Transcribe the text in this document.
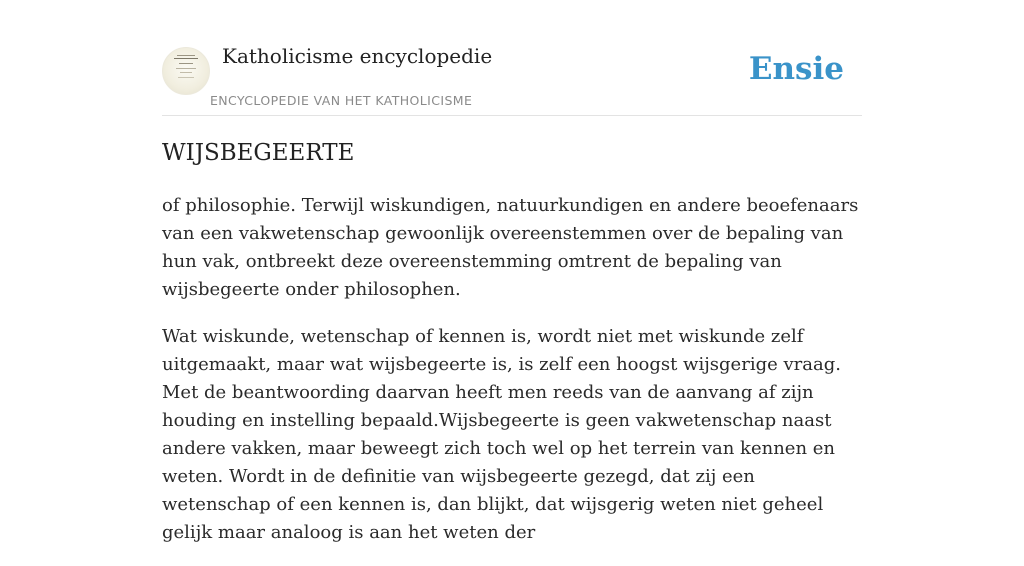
Katholicisme encyclopedie
ENCYCLOPEDIE VAN HET KATHOLICISME
Ensie
WIJSBEGEERTE

of philosophie. Terwijl wiskundigen, natuurkundigen en andere beoefenaars van een vakwetenschap gewoonlijk overeenstemmen over de bepaling van hun vak, ontbreekt deze overeenstemming omtrent de bepaling van wijsbegeerte onder philosophen.

Wat wiskunde, wetenschap of kennen is, wordt niet met wiskunde zelf uitgemaakt, maar wat wijsbegeerte is, is zelf een hoogst wijsgerige vraag. Met de beantwoording daarvan heeft men reeds van de aanvang af zijn houding en instelling bepaald.Wijsbegeerte is geen vakwetenschap naast andere vakken, maar beweegt zich toch wel op het terrein van kennen en weten. Wordt in de definitie van wijsbegeerte gezegd, dat zij een wetenschap of een kennen is, dan blijkt, dat wijsgerig weten niet geheel gelijk maar analoog is aan het weten der
